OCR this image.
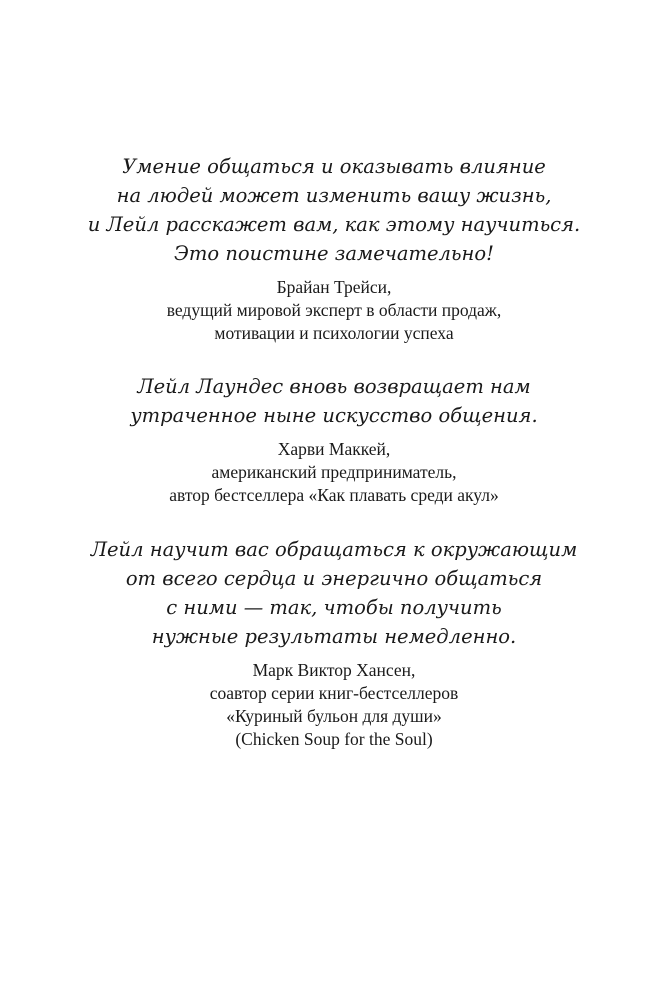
Умение общаться и оказывать влияние
на людей может изменить вашу жизнь,
и Лейл расскажет вам, как этому научиться.
Это поистине замечательно!

Брайан Трейси,
ведущий мировой эксперт в области продаж,
мотивации и психологии успеха

Лейл Лаундес вновь возвращает нам
утраченное ныне искусство общения.

Харви Маккей,
американский предприниматель,
автор бестселлера «Как плавать среди акул»

Лейл научит вас обращаться к окружающим
от всего сердца и энергично общаться
с ними — так, чтобы получить
нужные результаты немедленно.

Марк Виктор Хансен,
соавтор серии книг-бестселлеров
«Куриный бульон для души»
(Chicken Soup for the Soul)
